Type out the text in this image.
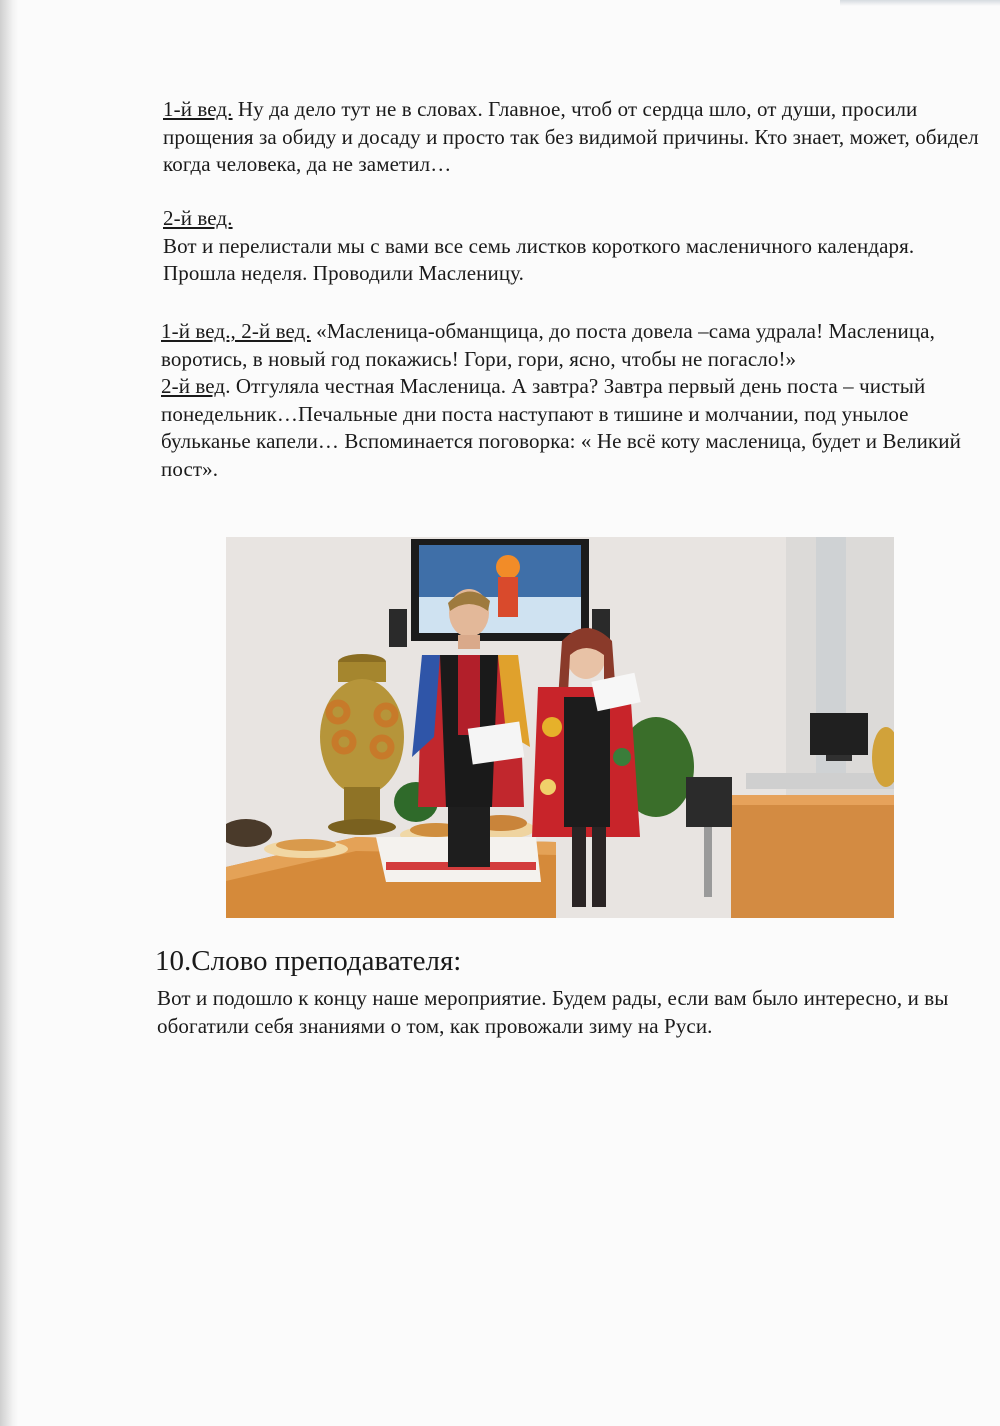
1-й вед. Ну да дело тут не в словах. Главное, чтоб от сердца шло, от души, просили прощения за обиду и досаду и просто так без видимой причины. Кто знает, может, обидел когда человека, да не заметил…

2-й вед.

Вот и перелистали мы с вами все семь листков короткого масленичного календаря. Прошла неделя. Проводили Масленицу.

1-й вед., 2-й вед. «Масленица-обманщица, до поста довела –сама удрала! Масленица, воротись, в новый год покажись! Гори, гори, ясно, чтобы не погасло!»

2-й вед. Отгуляла честная Масленица. А завтра? Завтра первый день поста – чистый понедельник…Печальные дни поста наступают в тишине и молчании, под унылое бульканье капели… Вспоминается поговорка: « Не всё коту масленица, будет и Великий пост».

10.Слово преподавателя:

Вот и подошло к концу наше мероприятие. Будем рады, если вам было интересно, и вы обогатили себя знаниями о том, как провожали зиму на Руси.
